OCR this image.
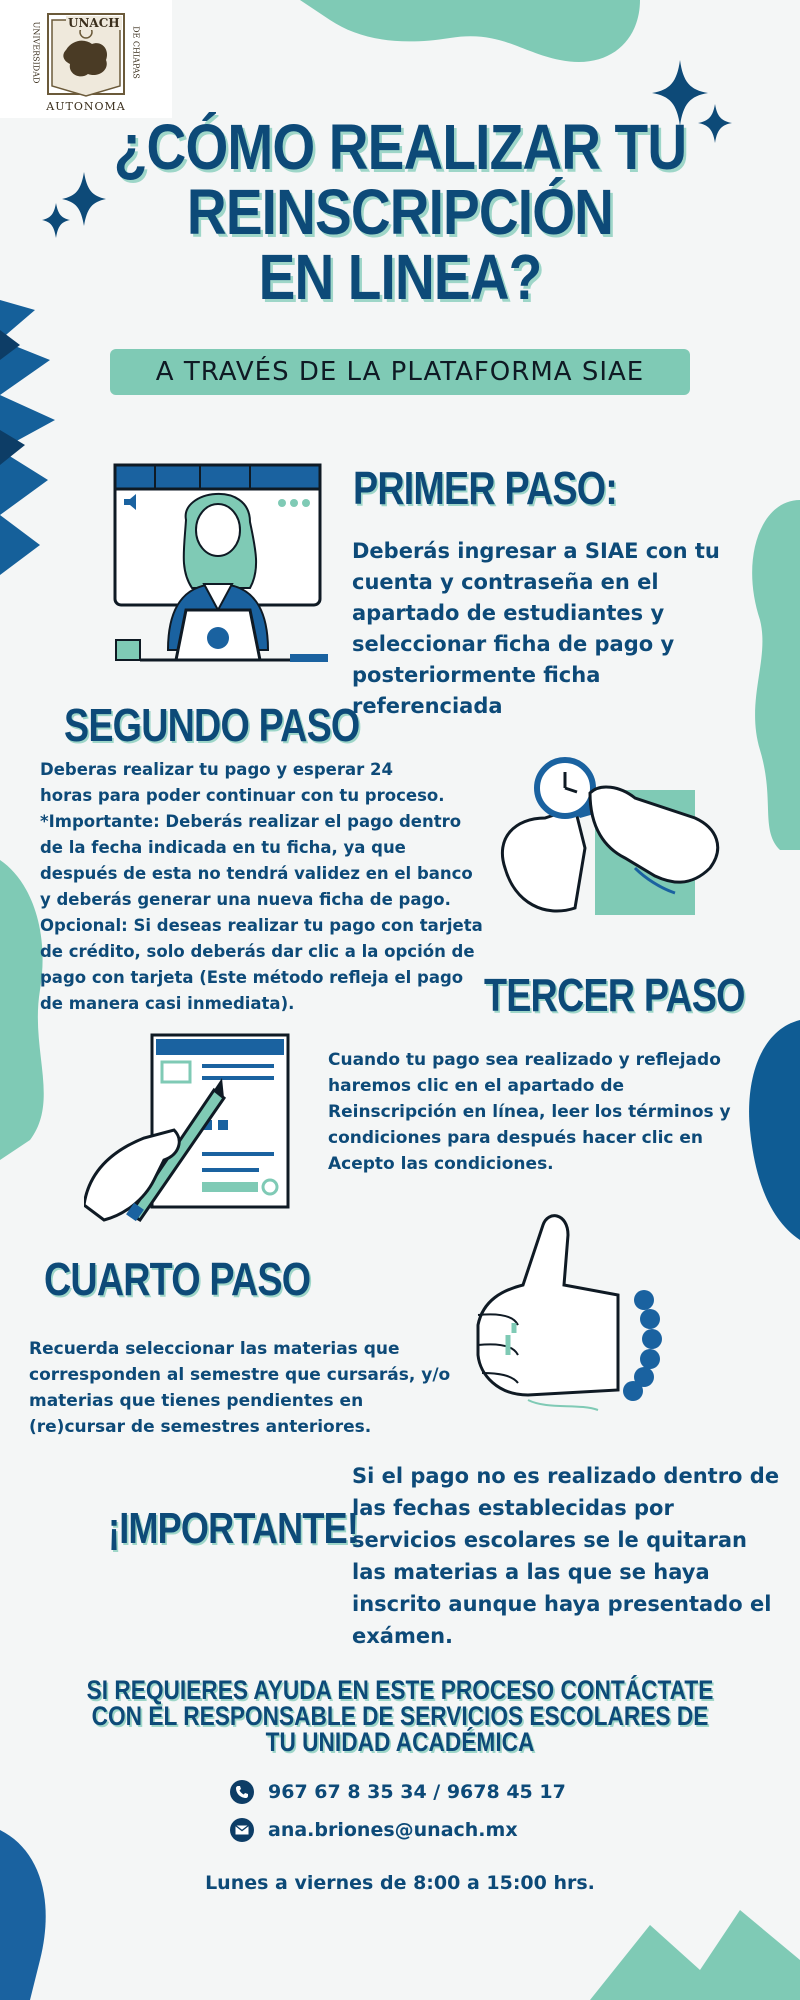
UNACH
UNIVERSIDAD	DE CHIAPAS
AUTONOMA
¿CÓMO REALIZAR TU
REINSCRIPCIÓN
EN LINEA?
A TRAVÉS DE LA PLATAFORMA SIAE
PRIMER PASO:
Deberás ingresar a SIAE con tu
cuenta y contraseña en el
apartado de estudiantes y
seleccionar ficha de pago y
posteriormente ficha
referenciada
SEGUNDO PASO
Deberas realizar tu pago y esperar 24
horas para poder continuar con tu proceso.
*Importante: Deberás realizar el pago dentro
de la fecha indicada en tu ficha, ya que
después de esta no tendrá validez en el banco
y deberás generar una nueva ficha de pago.
Opcional: Si deseas realizar tu pago con tarjeta
de crédito, solo deberás dar clic a la opción de
pago con tarjeta (Este método refleja el pago
de manera casi inmediata).	TERCER PASO
Cuando tu pago sea realizado y reflejado
haremos clic en el apartado de
Reinscripción en línea, leer los términos y
condiciones para después hacer clic en
Acepto las condiciones.
CUARTO PASO
Recuerda seleccionar las materias que
corresponden al semestre que cursarás, y/o
materias que tienes pendientes en
(re)cursar de semestres anteriores.
¡IMPORTANTE!
Si el pago no es realizado dentro de
las fechas establecidas por
servicios escolares se le quitaran
las materias a las que se haya
inscrito aunque haya presentado el
exámen.
SI REQUIERES AYUDA EN ESTE PROCESO CONTÁCTATE
CON EL RESPONSABLE DE SERVICIOS ESCOLARES DE
TU UNIDAD ACADÉMICA
967 67 8 35 34 / 9678 45 17
ana.briones@unach.mx
Lunes a viernes de 8:00 a 15:00 hrs.
